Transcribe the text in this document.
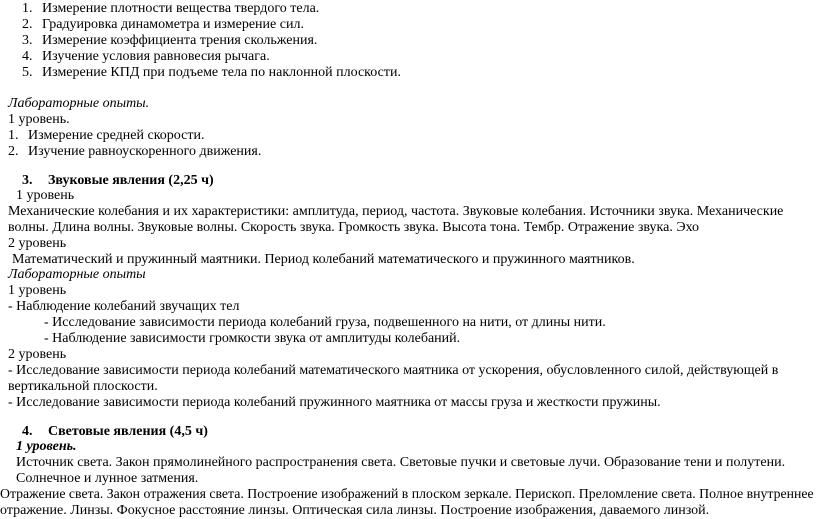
1. Измерение плотности вещества твердого тела.
2. Градуировка динамометра и измерение сил.
3. Измерение коэффициента трения скольжения.
4. Изучение условия равновесия рычага.
5. Измерение КПД при подъеме тела по наклонной плоскости.
Лабораторные опыты.
1 уровень.
1. Измерение средней скорости.
2. Изучение равноускоренного движения.
3. Звуковые явления (2,25 ч)
1 уровень
Механические колебания и их характеристики: амплитуда, период, частота. Звуковые колебания. Источники звука. Механические
волны. Длина волны. Звуковые волны. Скорость звука. Громкость звука. Высота тона. Тембр. Отражение звука. Эхо
2 уровень
Математический и пружинный маятники. Период колебаний математического и пружинного маятников.
Лабораторные опыты
1 уровень
- Наблюдение колебаний звучащих тел
- Исследование зависимости периода колебаний груза, подвешенного на нити, от длины нити.
- Наблюдение зависимости громкости звука от амплитуды колебаний.
2 уровень
- Исследование зависимости периода колебаний математического маятника от ускорения, обусловленного силой, действующей в
вертикальной плоскости.
- Исследование зависимости периода колебаний пружинного маятника от массы груза и жесткости пружины.
4. Световые явления (4,5 ч)
1 уровень.
Источник света. Закон прямолинейного распространения света. Световые пучки и световые лучи. Образование тени и полутени.
Солнечное и лунное затмения.
Отражение света. Закон отражения света. Построение изображений в плоском зеркале. Перископ. Преломление света. Полное внутреннее
отражение. Линзы. Фокусное расстояние линзы. Оптическая сила линзы. Построение изображения, даваемого линзой.
